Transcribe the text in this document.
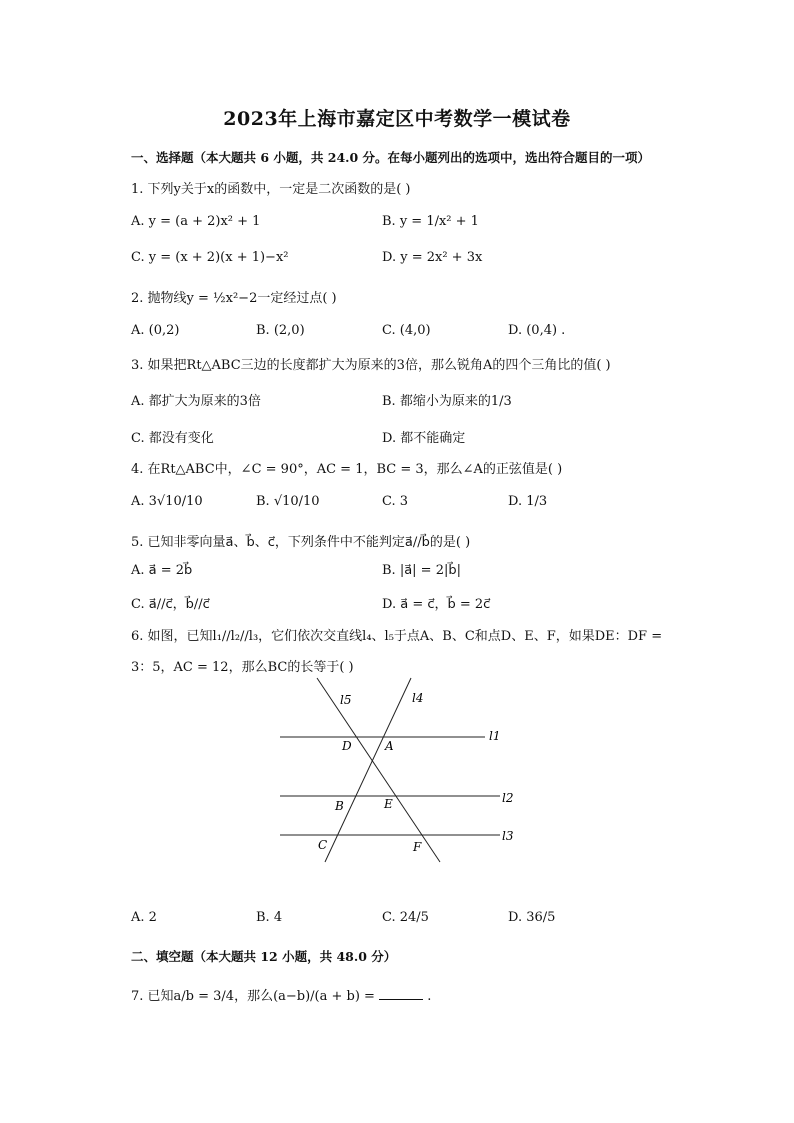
2023年上海市嘉定区中考数学一模试卷
一、选择题（本大题共 6 小题，共 24.0 分。在每小题列出的选项中，选出符合题目的一项）
1. 下列y关于x的函数中，一定是二次函数的是( )
A. y = (a + 2)x² + 1	B. y = 1/x² + 1
C. y = (x + 2)(x + 1)−x²	D. y = 2x² + 3x
2. 抛物线y = ½x²−2一定经过点( )
A. (0,2)	B. (2,0)	C. (4,0)	D. (0,4) .
3. 如果把Rt△ABC三边的长度都扩大为原来的3倍，那么锐角A的四个三角比的值( )
A. 都扩大为原来的3倍	B. 都缩小为原来的1/3
C. 都没有变化	D. 都不能确定
4. 在Rt△ABC中，∠C = 90°，AC = 1，BC = 3，那么∠A的正弦值是( )
A. 3√10/10	B. √10/10	C. 3	D. 1/3
5. 已知非零向量a⃗、b⃗、c⃗，下列条件中不能判定a⃗//b⃗的是( )
A. a⃗ = 2b⃗	B. |a⃗| = 2|b⃗|
C. a⃗//c⃗，b⃗//c⃗	D. a⃗ = c⃗，b⃗ = 2c⃗
6. 如图，已知l₁//l₂//l₃，它们依次交直线l₄、l₅于点A、B、C和点D、E、F，如果DE：DF =
3：5，AC = 12，那么BC的长等于( )
l5	l4
l1
l2
l3
D	A
B	E
C	F
A. 2	B. 4	C. 24/5	D. 36/5
二、填空题（本大题共 12 小题，共 48.0 分）
7. 已知a/b = 3/4，那么(a−b)/(a + b) =	.
